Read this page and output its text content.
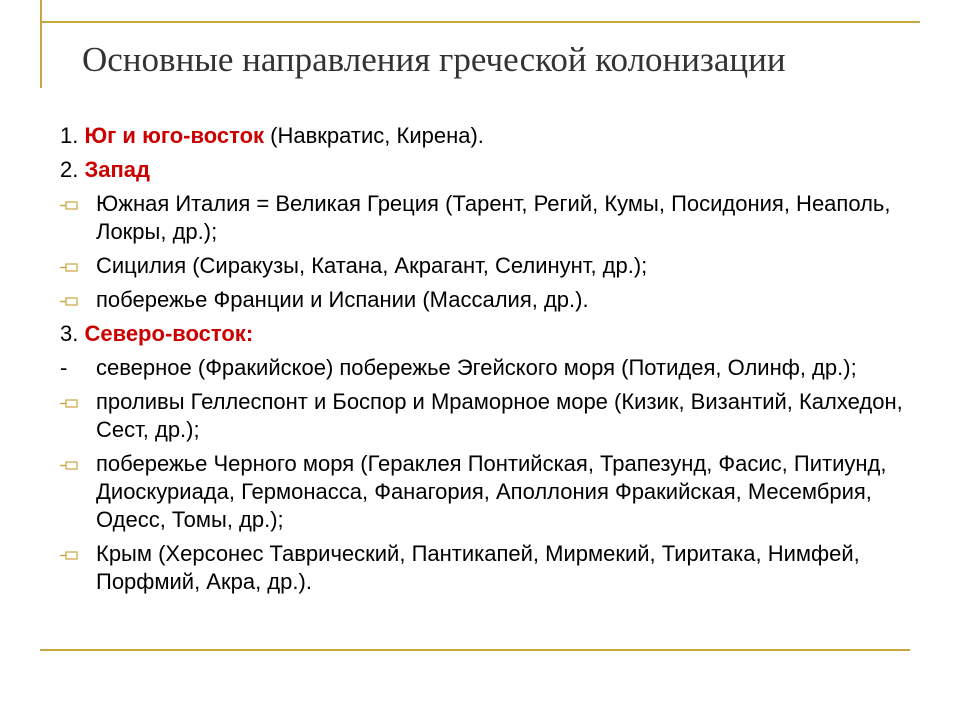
Основные направления греческой колонизации
1. Юг и юго-восток (Навкратис, Кирена).
2. Запад
Южная Италия = Великая Греция (Тарент, Регий, Кумы, Посидония, Неаполь, Локры, др.);
Сицилия (Сиракузы, Катана, Акрагант, Селинунт, др.);
побережье Франции и Испании (Массалия, др.).
3. Северо-восток:
-	северное (Фракийское) побережье Эгейского моря (Потидея, Олинф, др.);
проливы Геллеспонт и Боспор и Мраморное море (Кизик, Византий, Калхедон, Сест, др.);
побережье Черного моря (Гераклея Понтийская, Трапезунд, Фасис, Питиунд, Диоскуриада, Гермонасса, Фанагория, Аполлония Фракийская, Месембрия, Одесс, Томы, др.);
Крым (Херсонес Таврический, Пантикапей, Мирмекий, Тиритака, Нимфей, Порфмий, Акра, др.).
